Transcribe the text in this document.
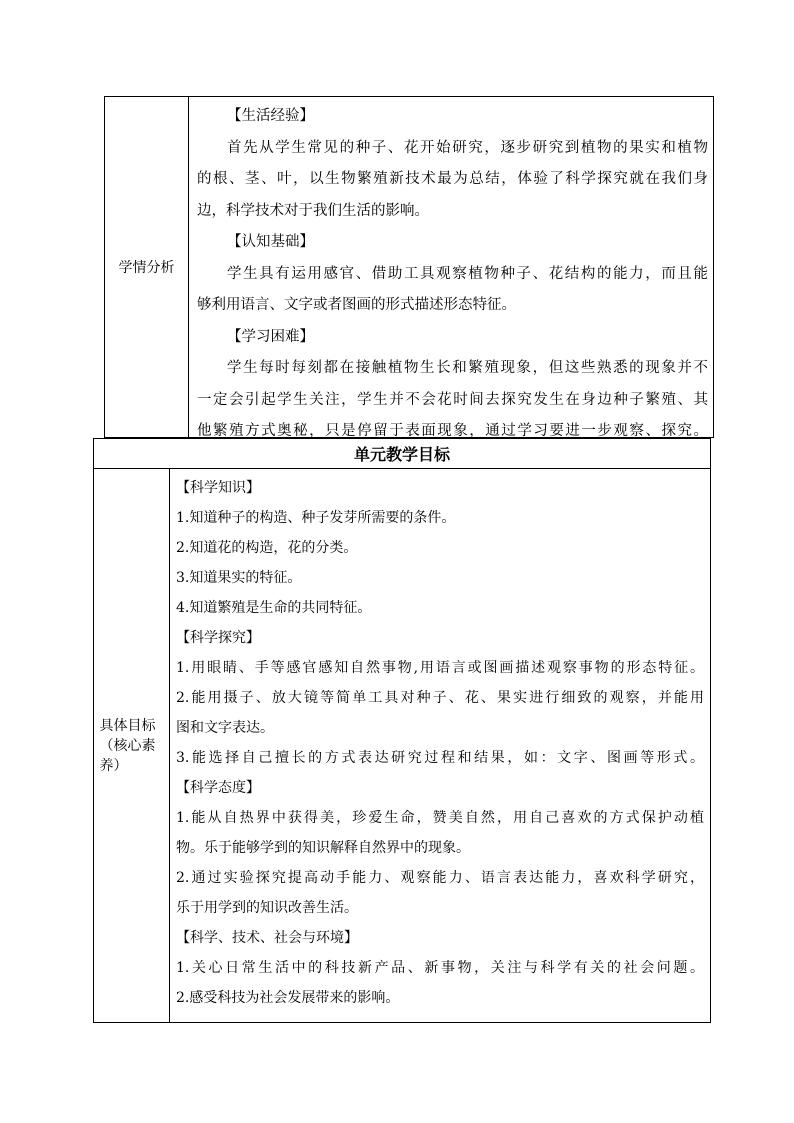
学情分析
【生活经验】
首先从学生常见的种子、花开始研究，逐步研究到植物的果实和植物
的根、茎、叶，以生物繁殖新技术最为总结，体验了科学探究就在我们身
边，科学技术对于我们生活的影响。
【认知基础】
学生具有运用感官、借助工具观察植物种子、花结构的能力，而且能
够利用语言、文字或者图画的形式描述形态特征。
【学习困难】
学生每时每刻都在接触植物生长和繁殖现象，但这些熟悉的现象并不
一定会引起学生关注，学生并不会花时间去探究发生在身边种子繁殖、其
他繁殖方式奥秘，只是停留于表面现象，通过学习要进一步观察、探究。
单元教学目标
具体目标（核心素养）
【科学知识】
1.知道种子的构造、种子发芽所需要的条件。
2.知道花的构造，花的分类。
3.知道果实的特征。
4.知道繁殖是生命的共同特征。
【科学探究】
1.用眼睛、手等感官感知自然事物,用语言或图画描述观察事物的形态特征。
2.能用摄子、放大镜等简单工具对种子、花、果实进行细致的观察，并能用
图和文字表达。
3.能选择自己擅长的方式表达研究过程和结果，如：文字、图画等形式。
【科学态度】
1.能从自热界中获得美，珍爱生命，赞美自然，用自己喜欢的方式保护动植
物。乐于能够学到的知识解释自然界中的现象。
2.通过实验探究提高动手能力、观察能力、语言表达能力，喜欢科学研究，
乐于用学到的知识改善生活。
【科学、技术、社会与环境】
1.关心日常生活中的科技新产品、新事物，关注与科学有关的社会问题。
2.感受科技为社会发展带来的影响。
